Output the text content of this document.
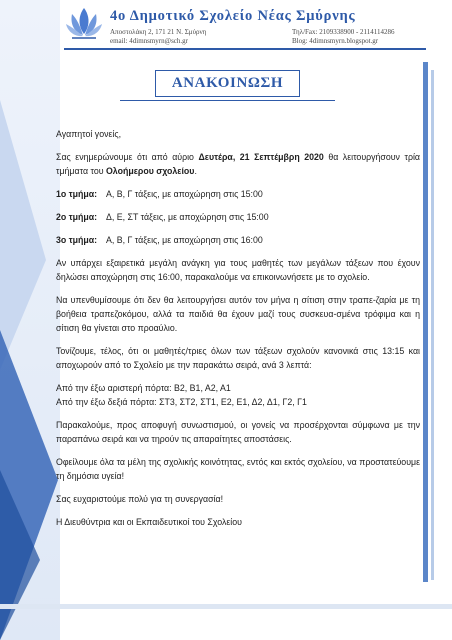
4ο Δημοτικό Σχολείο Νέας Σμύρνης
Αποστολάκη 2, 171 21 Ν. Σμύρνη	Τηλ/Fax: 2109338900 - 2114114286
email: 4dimnsmyrn@sch.gr	Blog: 4dimnsmyrn.blogspot.gr
ΑΝΑΚΟΙΝΩΣΗ

Αγαπητοί γονείς,

Σας ενημερώνουμε ότι από αύριο Δευτέρα, 21 Σεπτέμβρη 2020 θα λειτουργήσουν τρία τμήματα του Ολοήμερου σχολείου.

1ο τμήμα:	Α, Β, Γ τάξεις, με αποχώρηση στις 15:00
2ο τμήμα:	Δ, Ε, ΣΤ τάξεις, με αποχώρηση στις 15:00
3ο τμήμα:	Α, Β, Γ τάξεις, με αποχώρηση στις 16:00

Αν υπάρχει εξαιρετικά μεγάλη ανάγκη για τους μαθητές των μεγάλων τάξεων που έχουν δηλώσει αποχώρηση στις 16:00, παρακαλούμε να επικοινωνήσετε με το σχολείο.

Να υπενθυμίσουμε ότι δεν θα λειτουργήσει αυτόν τον μήνα η σίτιση στην τραπε-ζαρία με τη βοήθεια τραπεζοκόμου, αλλά τα παιδιά θα έχουν μαζί τους συσκευα-σμένα τρόφιμα και η σίτιση θα γίνεται στο προαύλιο.

Τονίζουμε, τέλος, ότι οι μαθητές/τριες όλων των τάξεων σχολούν κανονικά στις 13:15 και αποχωρούν από το Σχολείο με την παρακάτω σειρά, ανά 3 λεπτά:

Από την έξω αριστερή πόρτα: Β2, Β1, Α2, Α1

Από την έξω δεξιά πόρτα: ΣΤ3, ΣΤ2, ΣΤ1, Ε2, Ε1, Δ2, Δ1, Γ2, Γ1

Παρακαλούμε, προς αποφυγή συνωστισμού, οι γονείς να προσέρχονται σύμφωνα με την παραπάνω σειρά και να τηρούν τις απαραίτητες αποστάσεις.

Οφείλουμε όλα τα μέλη της σχολικής κοινότητας, εντός και εκτός σχολείου, να προστατεύουμε τη δημόσια υγεία!

Σας ευχαριστούμε πολύ για τη συνεργασία!

Η Διευθύντρια και οι Εκπαιδευτικοί του Σχολείου
